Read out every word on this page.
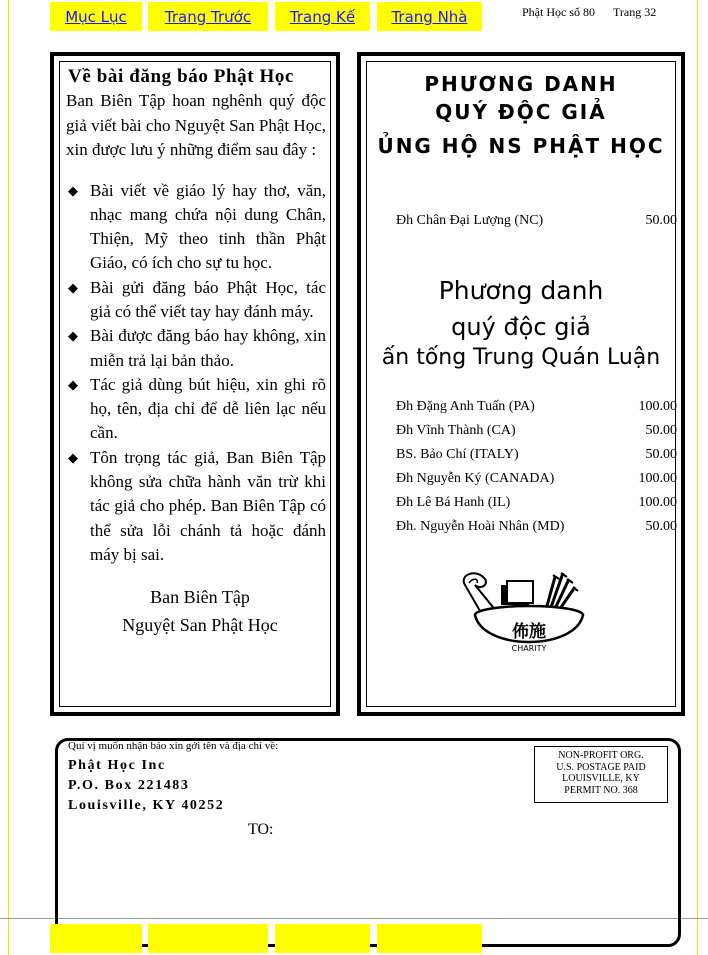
Mục Lục	Trang Trước	Trang Kế	Trang Nhà	Phật Học số 80 Trang 32
Về bài đăng báo Phật Học

Ban Biên Tập hoan nghênh quý độc giả viết bài cho Nguyệt San Phật Học, xin được lưu ý những điểm sau đây :

◆ Bài viết về giáo lý hay thơ, văn, nhạc mang chứa nội dung Chân, Thiện, Mỹ theo tinh thần Phật Giáo, có ích cho sự tu học.
◆ Bài gửi đăng báo Phật Học, tác giả có thể viết tay hay đánh máy.
◆ Bài được đăng báo hay không, xin miễn trả lại bản thảo.
◆ Tác giả dùng bút hiệu, xin ghi rõ họ, tên, địa chỉ để dễ liên lạc nếu cần.
◆ Tôn trọng tác giả, Ban Biên Tập không sửa chữa hành văn trừ khi tác giả cho phép. Ban Biên Tập có thể sửa lỗi chánh tả hoặc đánh máy bị sai.
Ban Biên Tập
Nguyệt San Phật Học
PHƯƠNG DANH
QUÝ ĐỘC GIẢ
ỦNG HỘ NS PHẬT HỌC
Đh Chân Đại Lượng (NC)	50.00
Phương danh
quý độc giả
ấn tống Trung Quán Luận
Đh Đặng Anh Tuấn (PA)	100.00
Đh Vĩnh Thành (CA)	50.00
BS. Bảo Chí (ITALY)	50.00
Đh Nguyễn Ký (CANADA)	100.00
Đh Lê Bá Hanh (IL)	100.00
Đh. Nguyễn Hoài Nhân (MD)	50.00
佈施
CHARITY
Quí vị muốn nhận báo xin gởi tên và địa chỉ về:
Phật Học Inc
P.O. Box 221483
Louisville, KY 40252
TO:
NON-PROFIT ORG.
U.S. POSTAGE PAID
LOUISVILLE, KY
PERMIT NO. 368
